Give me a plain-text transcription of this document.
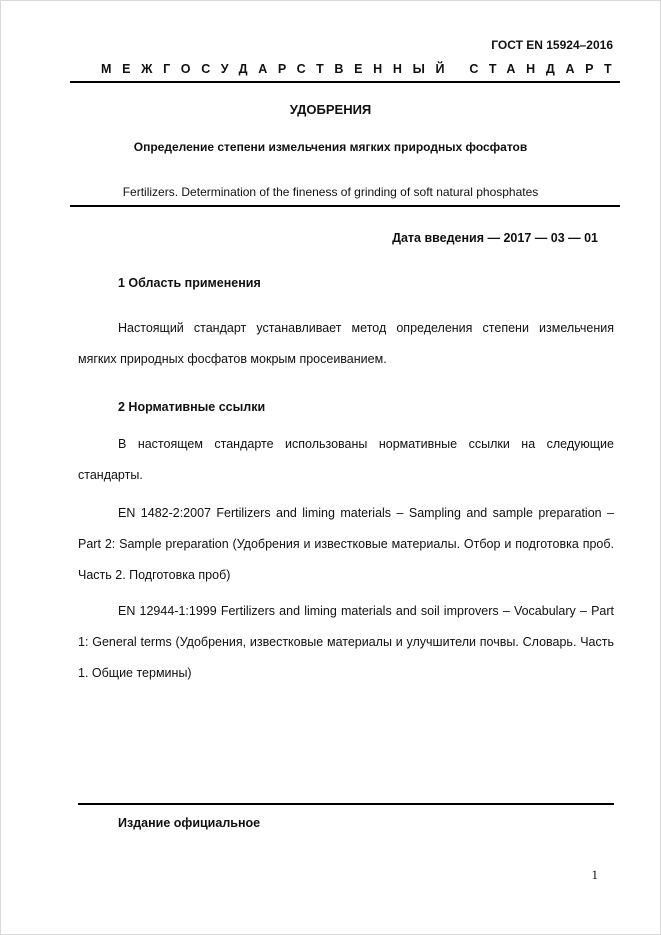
ГОСТ EN 15924–2016
МЕЖГОСУДАРСТВЕННЫЙ СТАНДАРТ
УДОБРЕНИЯ
Определение степени измельчения мягких природных фосфатов
Fertilizers. Determination of the fineness of grinding of soft natural phosphates
Дата введения — 2017 — 03 — 01
1 Область применения
Настоящий стандарт устанавливает метод определения степени измельчения мягких природных фосфатов мокрым просеиванием.
2 Нормативные ссылки
В настоящем стандарте использованы нормативные ссылки на следующие стандарты.
EN 1482-2:2007 Fertilizers and liming materials – Sampling and sample preparation – Part 2: Sample preparation (Удобрения и известковые материалы. Отбор и подготовка проб. Часть 2. Подготовка проб)
EN 12944-1:1999 Fertilizers and liming materials and soil improvers – Vocabulary – Part 1: General terms (Удобрения, известковые материалы и улучшители почвы. Словарь. Часть 1. Общие термины)
Издание официальное
1
